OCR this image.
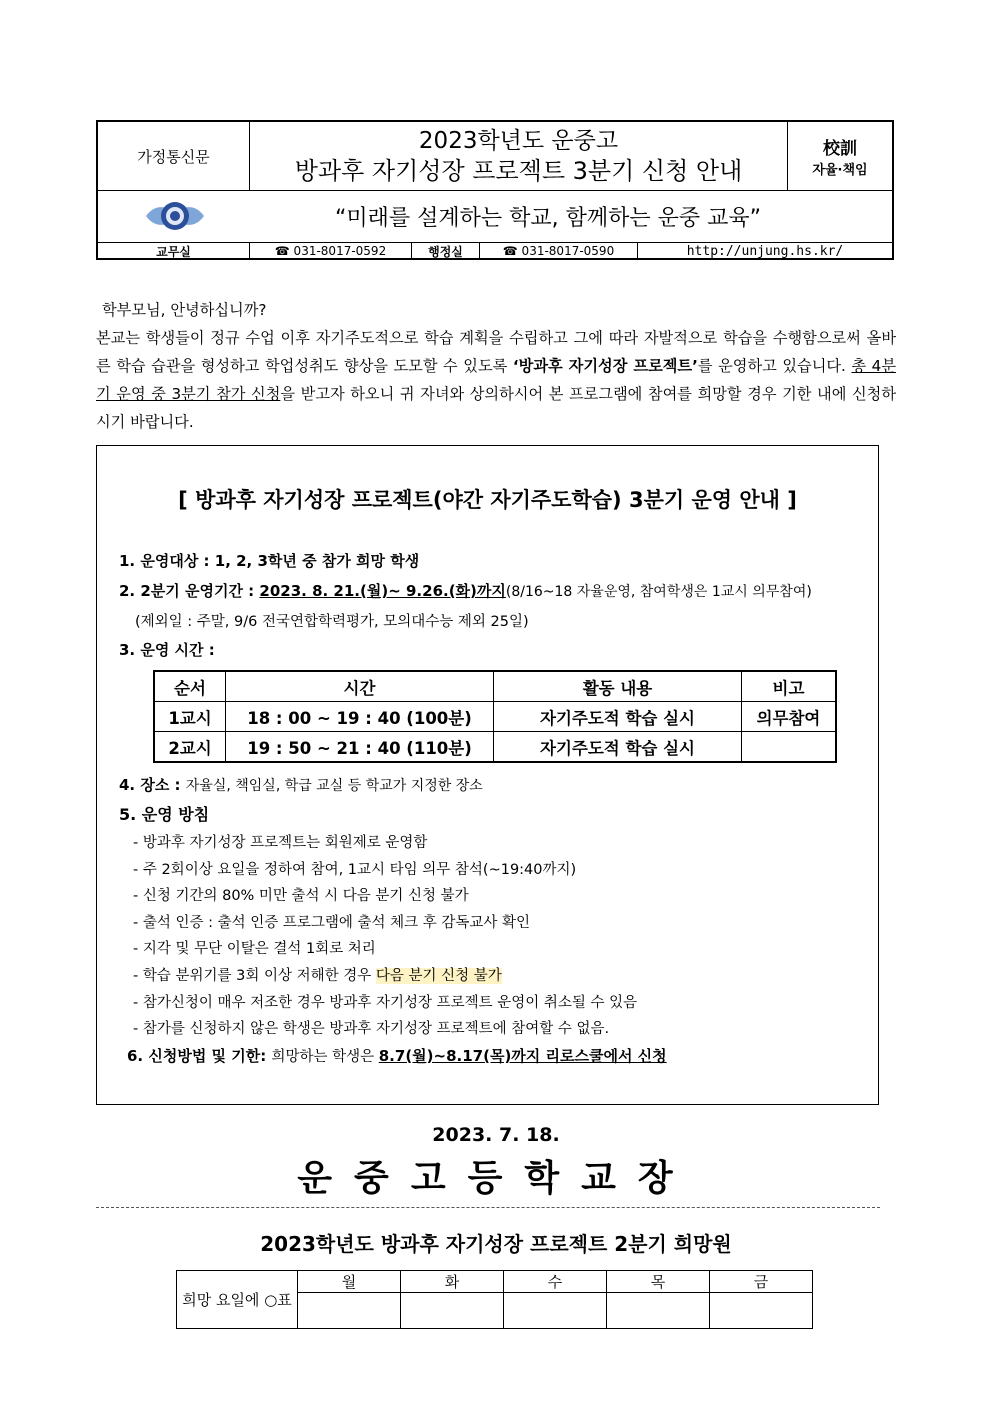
가정통신문
2023학년도 운중고
방과후 자기성장 프로젝트 3분기 신청 안내
校訓
자율·책임
“미래를 설계하는 학교, 함께하는 운중 교육”
교무실	☎ 031-8017-0592	행정실	☎ 031-8017-0590	http://unjung.hs.kr/

학부모님, 안녕하십니까?

본교는 학생들이 정규 수업 이후 자기주도적으로 학습 계획을 수립하고 그에 따라 자발적으로 학습을 수행함으로써 올바른 학습 습관을 형성하고 학업성취도 향상을 도모할 수 있도록 ‘방과후 자기성장 프로젝트’를 운영하고 있습니다. 총 4분기 운영 중 3분기 참가 신청을 받고자 하오니 귀 자녀와 상의하시어 본 프로그램에 참여를 희망할 경우 기한 내에 신청하시기 바랍니다.

[ 방과후 자기성장 프로젝트(야간 자기주도학습) 3분기 운영 안내 ]
1. 운영대상 : 1, 2, 3학년 중 참가 희망 학생
2. 2분기 운영기간 : 2023. 8. 21.(월)~ 9.26.(화)까지(8/16~18 자율운영, 참여학생은 1교시 의무참여)
(제외일 : 주말, 9/6 전국연합학력평가, 모의대수능 제외 25일)
3. 운영 시간 :
순서	시간	활동 내용	비고
1교시	18 : 00 ~ 19 : 40 (100분)	자기주도적 학습 실시	의무참여
2교시	19 : 50 ~ 21 : 40 (110분)	자기주도적 학습 실시	
4. 장소 : 자율실, 책임실, 학급 교실 등 학교가 지정한 장소
5. 운영 방침
- 방과후 자기성장 프로젝트는 회원제로 운영함
- 주 2회이상 요일을 정하여 참여, 1교시 타임 의무 참석(~19:40까지)
- 신청 기간의 80% 미만 출석 시 다음 분기 신청 불가
- 출석 인증 : 출석 인증 프로그램에 출석 체크 후 감독교사 확인
- 지각 및 무단 이탈은 결석 1회로 처리
- 학습 분위기를 3회 이상 저해한 경우 다음 분기 신청 불가
- 참가신청이 매우 저조한 경우 방과후 자기성장 프로젝트 운영이 취소될 수 있음
- 참가를 신청하지 않은 학생은 방과후 자기성장 프로젝트에 참여할 수 없음.
6. 신청방법 및 기한: 희망하는 학생은 8.7(월)~8.17(목)까지 리로스쿨에서 신청
2023. 7. 18.
운중고등학교장
2023학년도 방과후 자기성장 프로젝트 2분기 희망원
희망 요일에 ○표	월	화	수	목	금
